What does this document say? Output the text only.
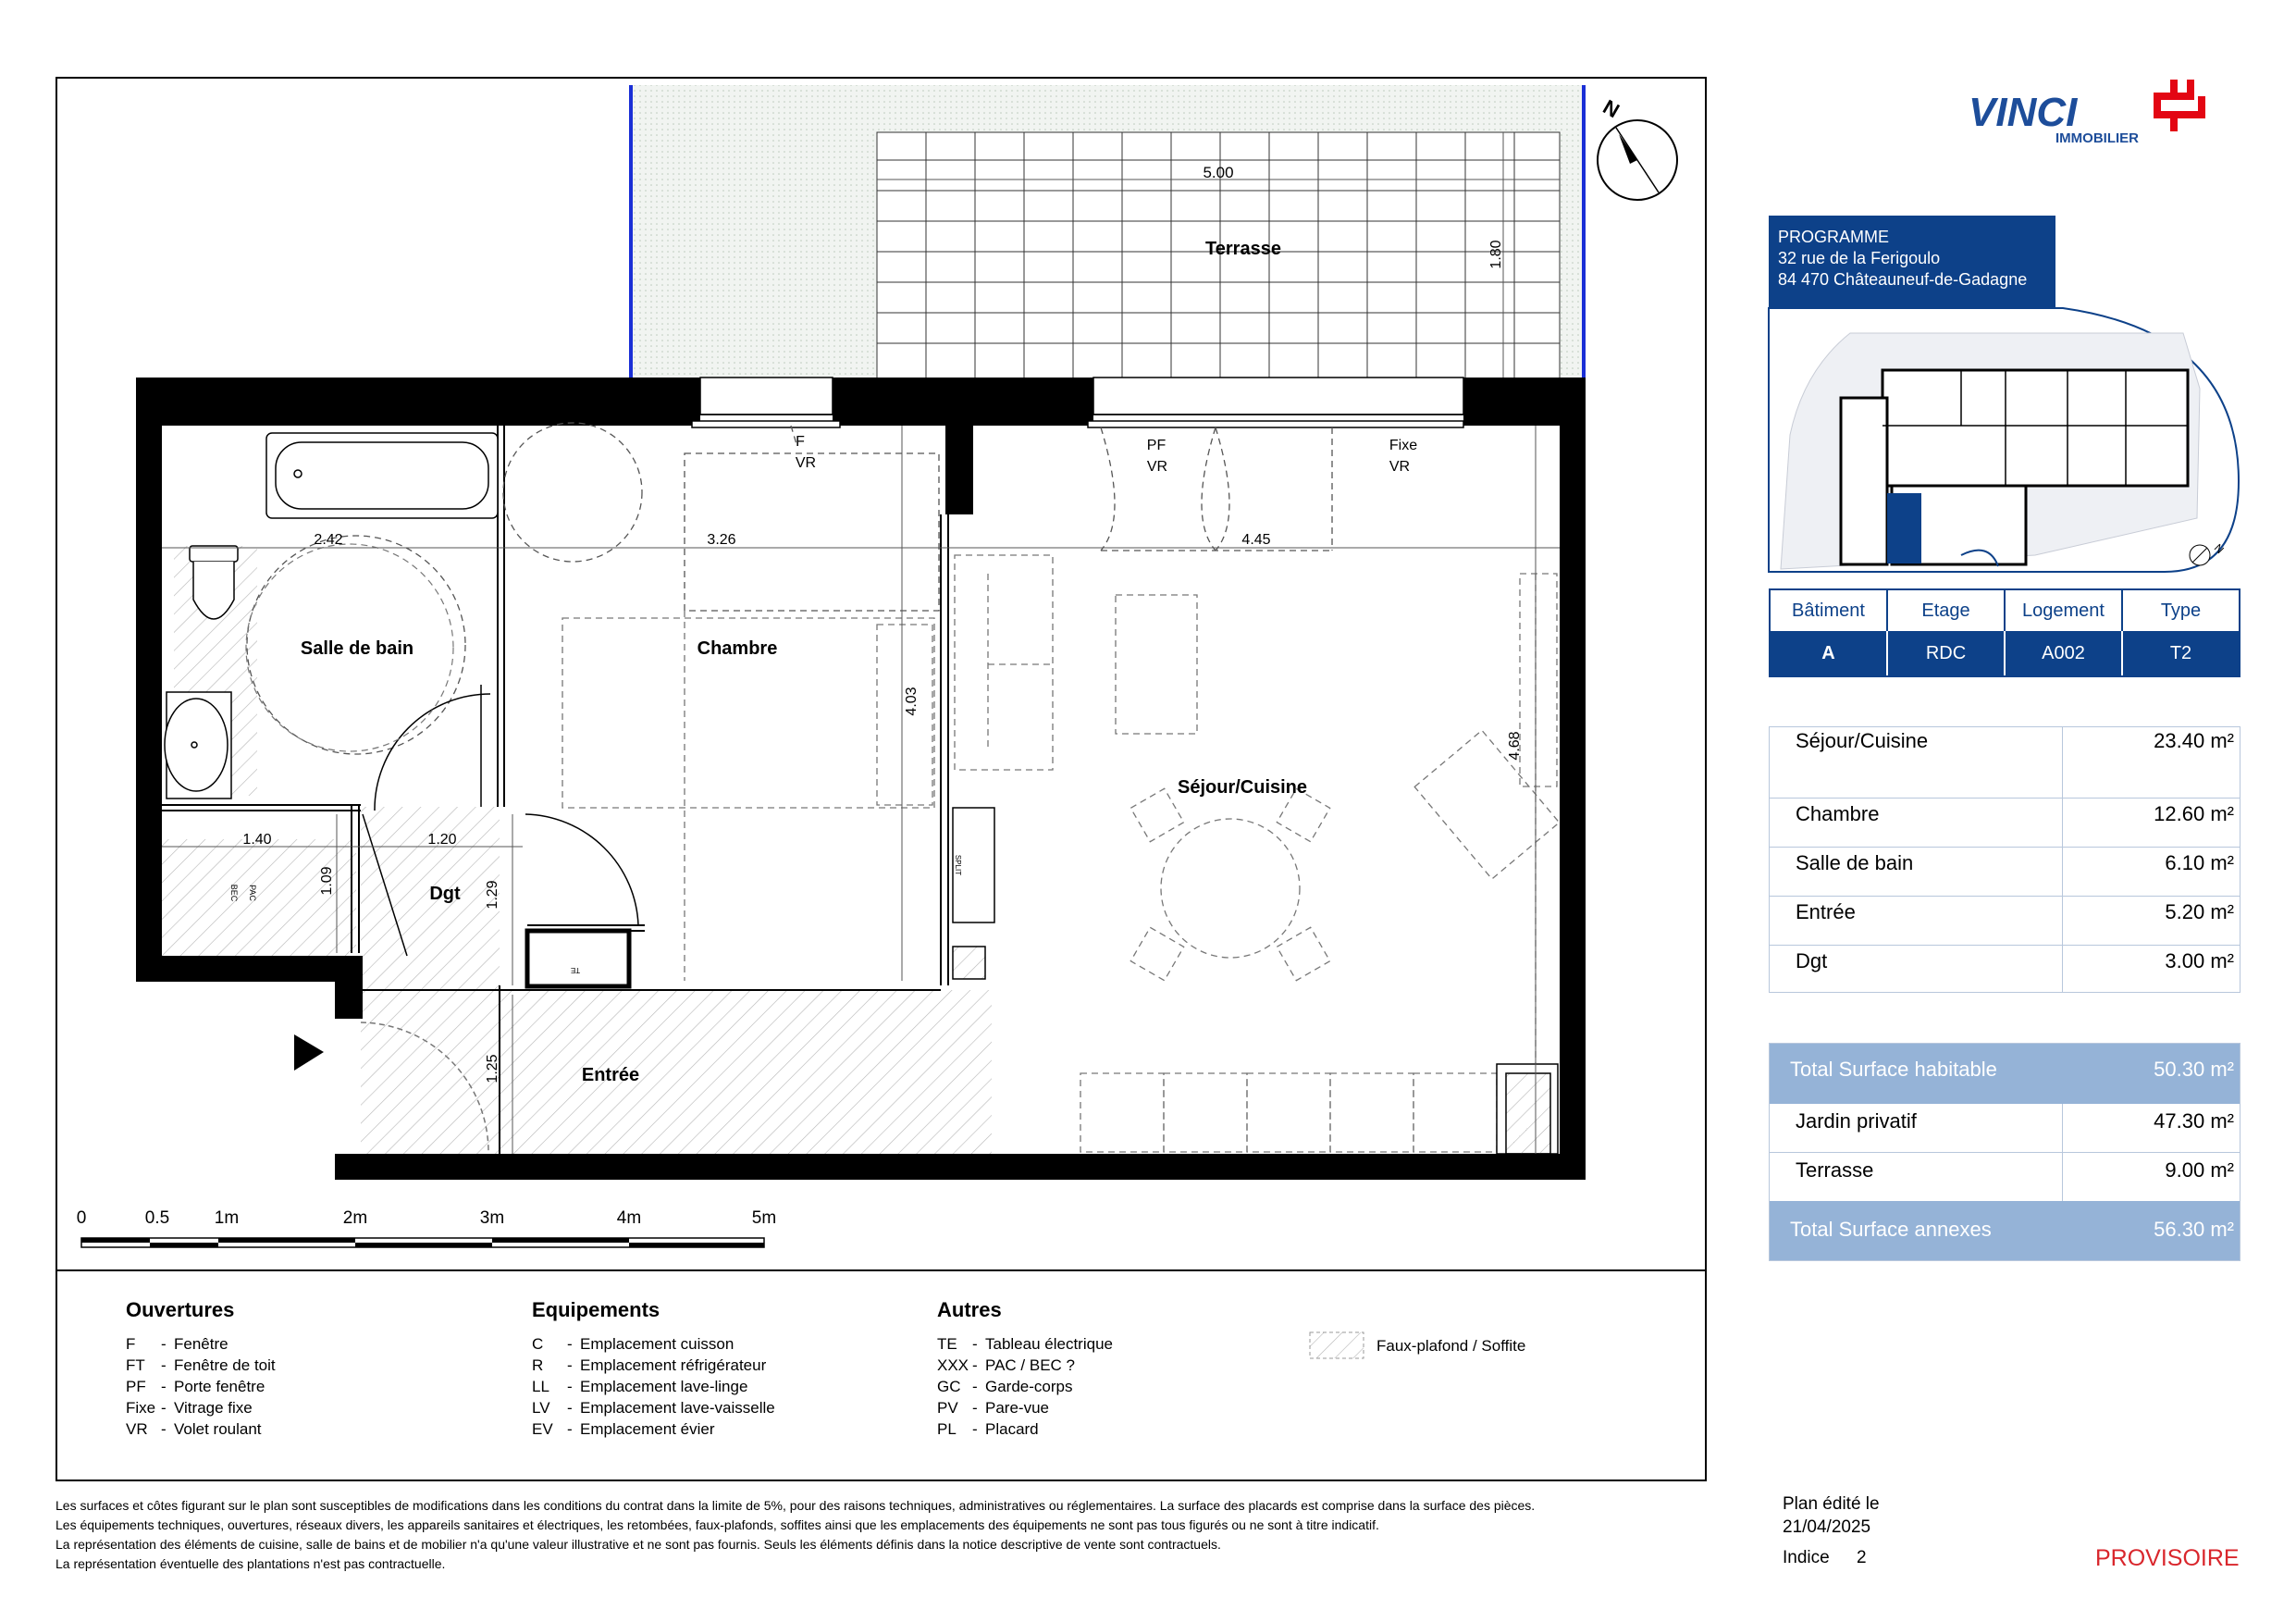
5.00
1.80
Terrasse
2.42	3.26	4.45
4.03
4.68
1.40	1.20
1.09	1.29
1.25
Salle de bain	Chambre
Séjour/Cuisine
Dgt
Entrée
F
VR
PF
VR
Fixe
VR
PAC
BEC
TE
SPLIT
N
0	0.5	1m	2m	3m	4m	5m
Faux-plafond / Soffite
VINCI
IMMOBILIER
N
Ouvertures
F - Fenêtre
FT - Fenêtre de toit
PF - Porte fenêtre
Fixe - Vitrage fixe
VR - Volet roulant
Equipements
C - Emplacement cuisson
R - Emplacement réfrigérateur
LL - Emplacement lave-linge
LV - Emplacement lave-vaisselle
EV - Emplacement évier
Autres
TE - Tableau électrique
XXX - PAC / BEC ?
GC - Garde-corps
PV - Pare-vue
PL - Placard
PROGRAMME
32 rue de la Ferigoulo
84 470 Châteauneuf-de-Gadagne
Bâtiment	Etage	Logement	Type
A	RDC	A002	T2
Séjour/Cuisine	23.40 m²
Chambre	12.60 m²
Salle de bain	6.10 m²
Entrée	5.20 m²
Dgt	3.00 m²
Total Surface habitable	50.30 m²
Jardin privatif	47.30 m²
Terrasse	9.00 m²
Total Surface annexes	56.30 m²
Les surfaces et côtes figurant sur le plan sont susceptibles de modifications dans les conditions du contrat dans la limite de 5%, pour des raisons techniques, administratives ou réglementaires. La surface des placards est comprise dans la surface des pièces.
Les équipements techniques, ouvertures, réseaux divers, les appareils sanitaires et électriques, les retombées, faux-plafonds, soffites ainsi que les emplacements des équipements ne sont pas tous figurés ou ne sont à titre indicatif.
La représentation des éléments de cuisine, salle de bains et de mobilier n'a qu'une valeur illustrative et ne sont pas fournis. Seuls les éléments définis dans la notice descriptive de vente sont contractuels.
La représentation éventuelle des plantations n'est pas contractuelle.
Plan édité le
21/04/2025
Indice 2	PROVISOIRE
